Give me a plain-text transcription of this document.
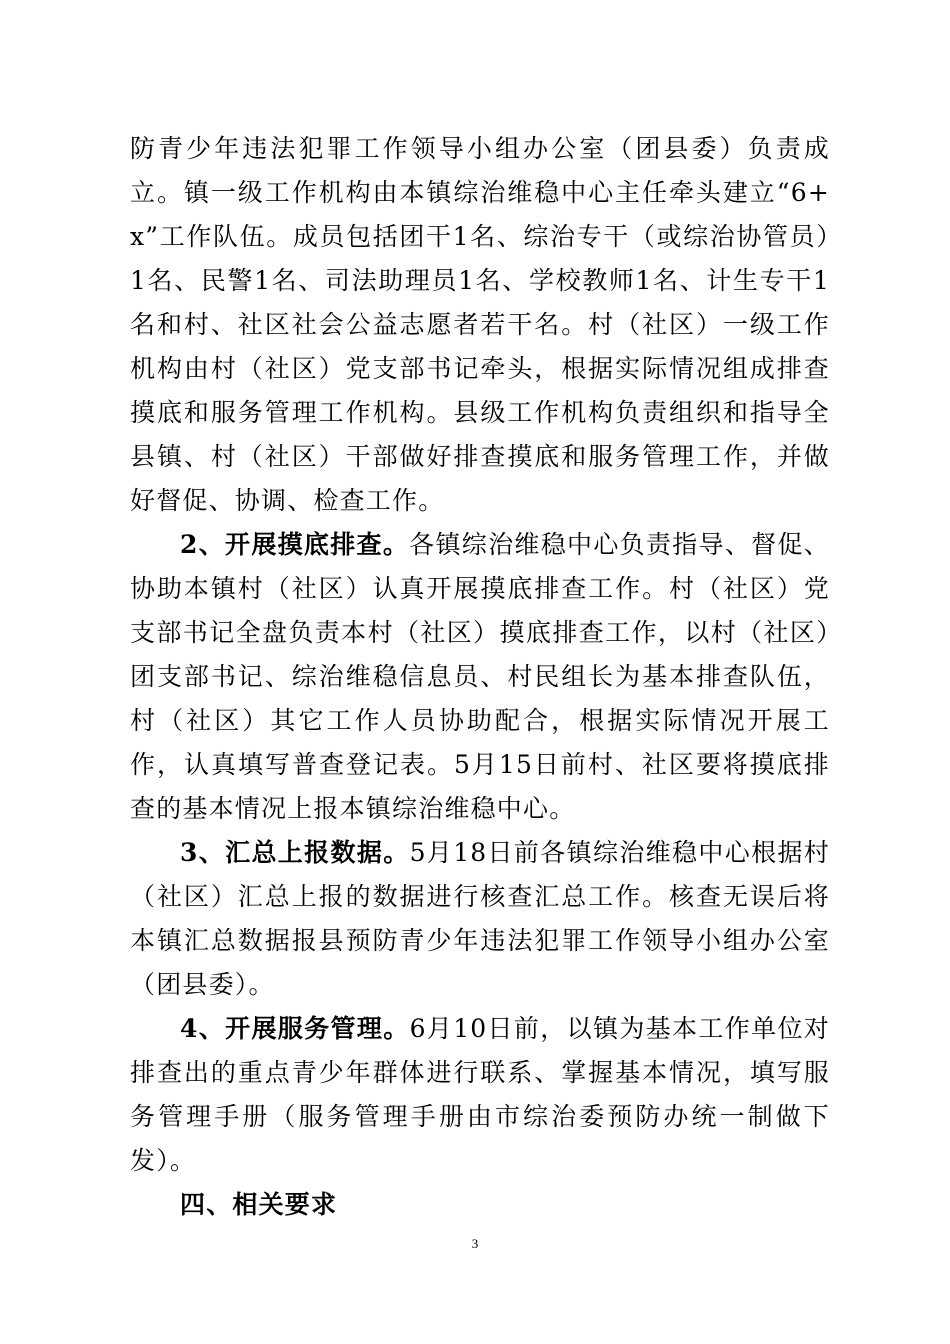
防青少年违法犯罪工作领导小组办公室（团县委）负责成立。镇一级工作机构由本镇综治维稳中心主任牵头建立“6+x”工作队伍。成员包括团干1名、综治专干（或综治协管员）1名、民警1名、司法助理员1名、学校教师1名、计生专干1名和村、社区社会公益志愿者若干名。村（社区）一级工作机构由村（社区）党支部书记牵头，根据实际情况组成排查摸底和服务管理工作机构。县级工作机构负责组织和指导全县镇、村（社区）干部做好排查摸底和服务管理工作，并做好督促、协调、检查工作。

2、开展摸底排查。各镇综治维稳中心负责指导、督促、协助本镇村（社区）认真开展摸底排查工作。村（社区）党支部书记全盘负责本村（社区）摸底排查工作，以村（社区）团支部书记、综治维稳信息员、村民组长为基本排查队伍，村（社区）其它工作人员协助配合，根据实际情况开展工作，认真填写普查登记表。5月15日前村、社区要将摸底排查的基本情况上报本镇综治维稳中心。

3、汇总上报数据。5月18日前各镇综治维稳中心根据村（社区）汇总上报的数据进行核查汇总工作。核查无误后将本镇汇总数据报县预防青少年违法犯罪工作领导小组办公室（团县委）。

4、开展服务管理。6月10日前，以镇为基本工作单位对排查出的重点青少年群体进行联系、掌握基本情况，填写服务管理手册（服务管理手册由市综治委预防办统一制做下发）。

四、相关要求

3
